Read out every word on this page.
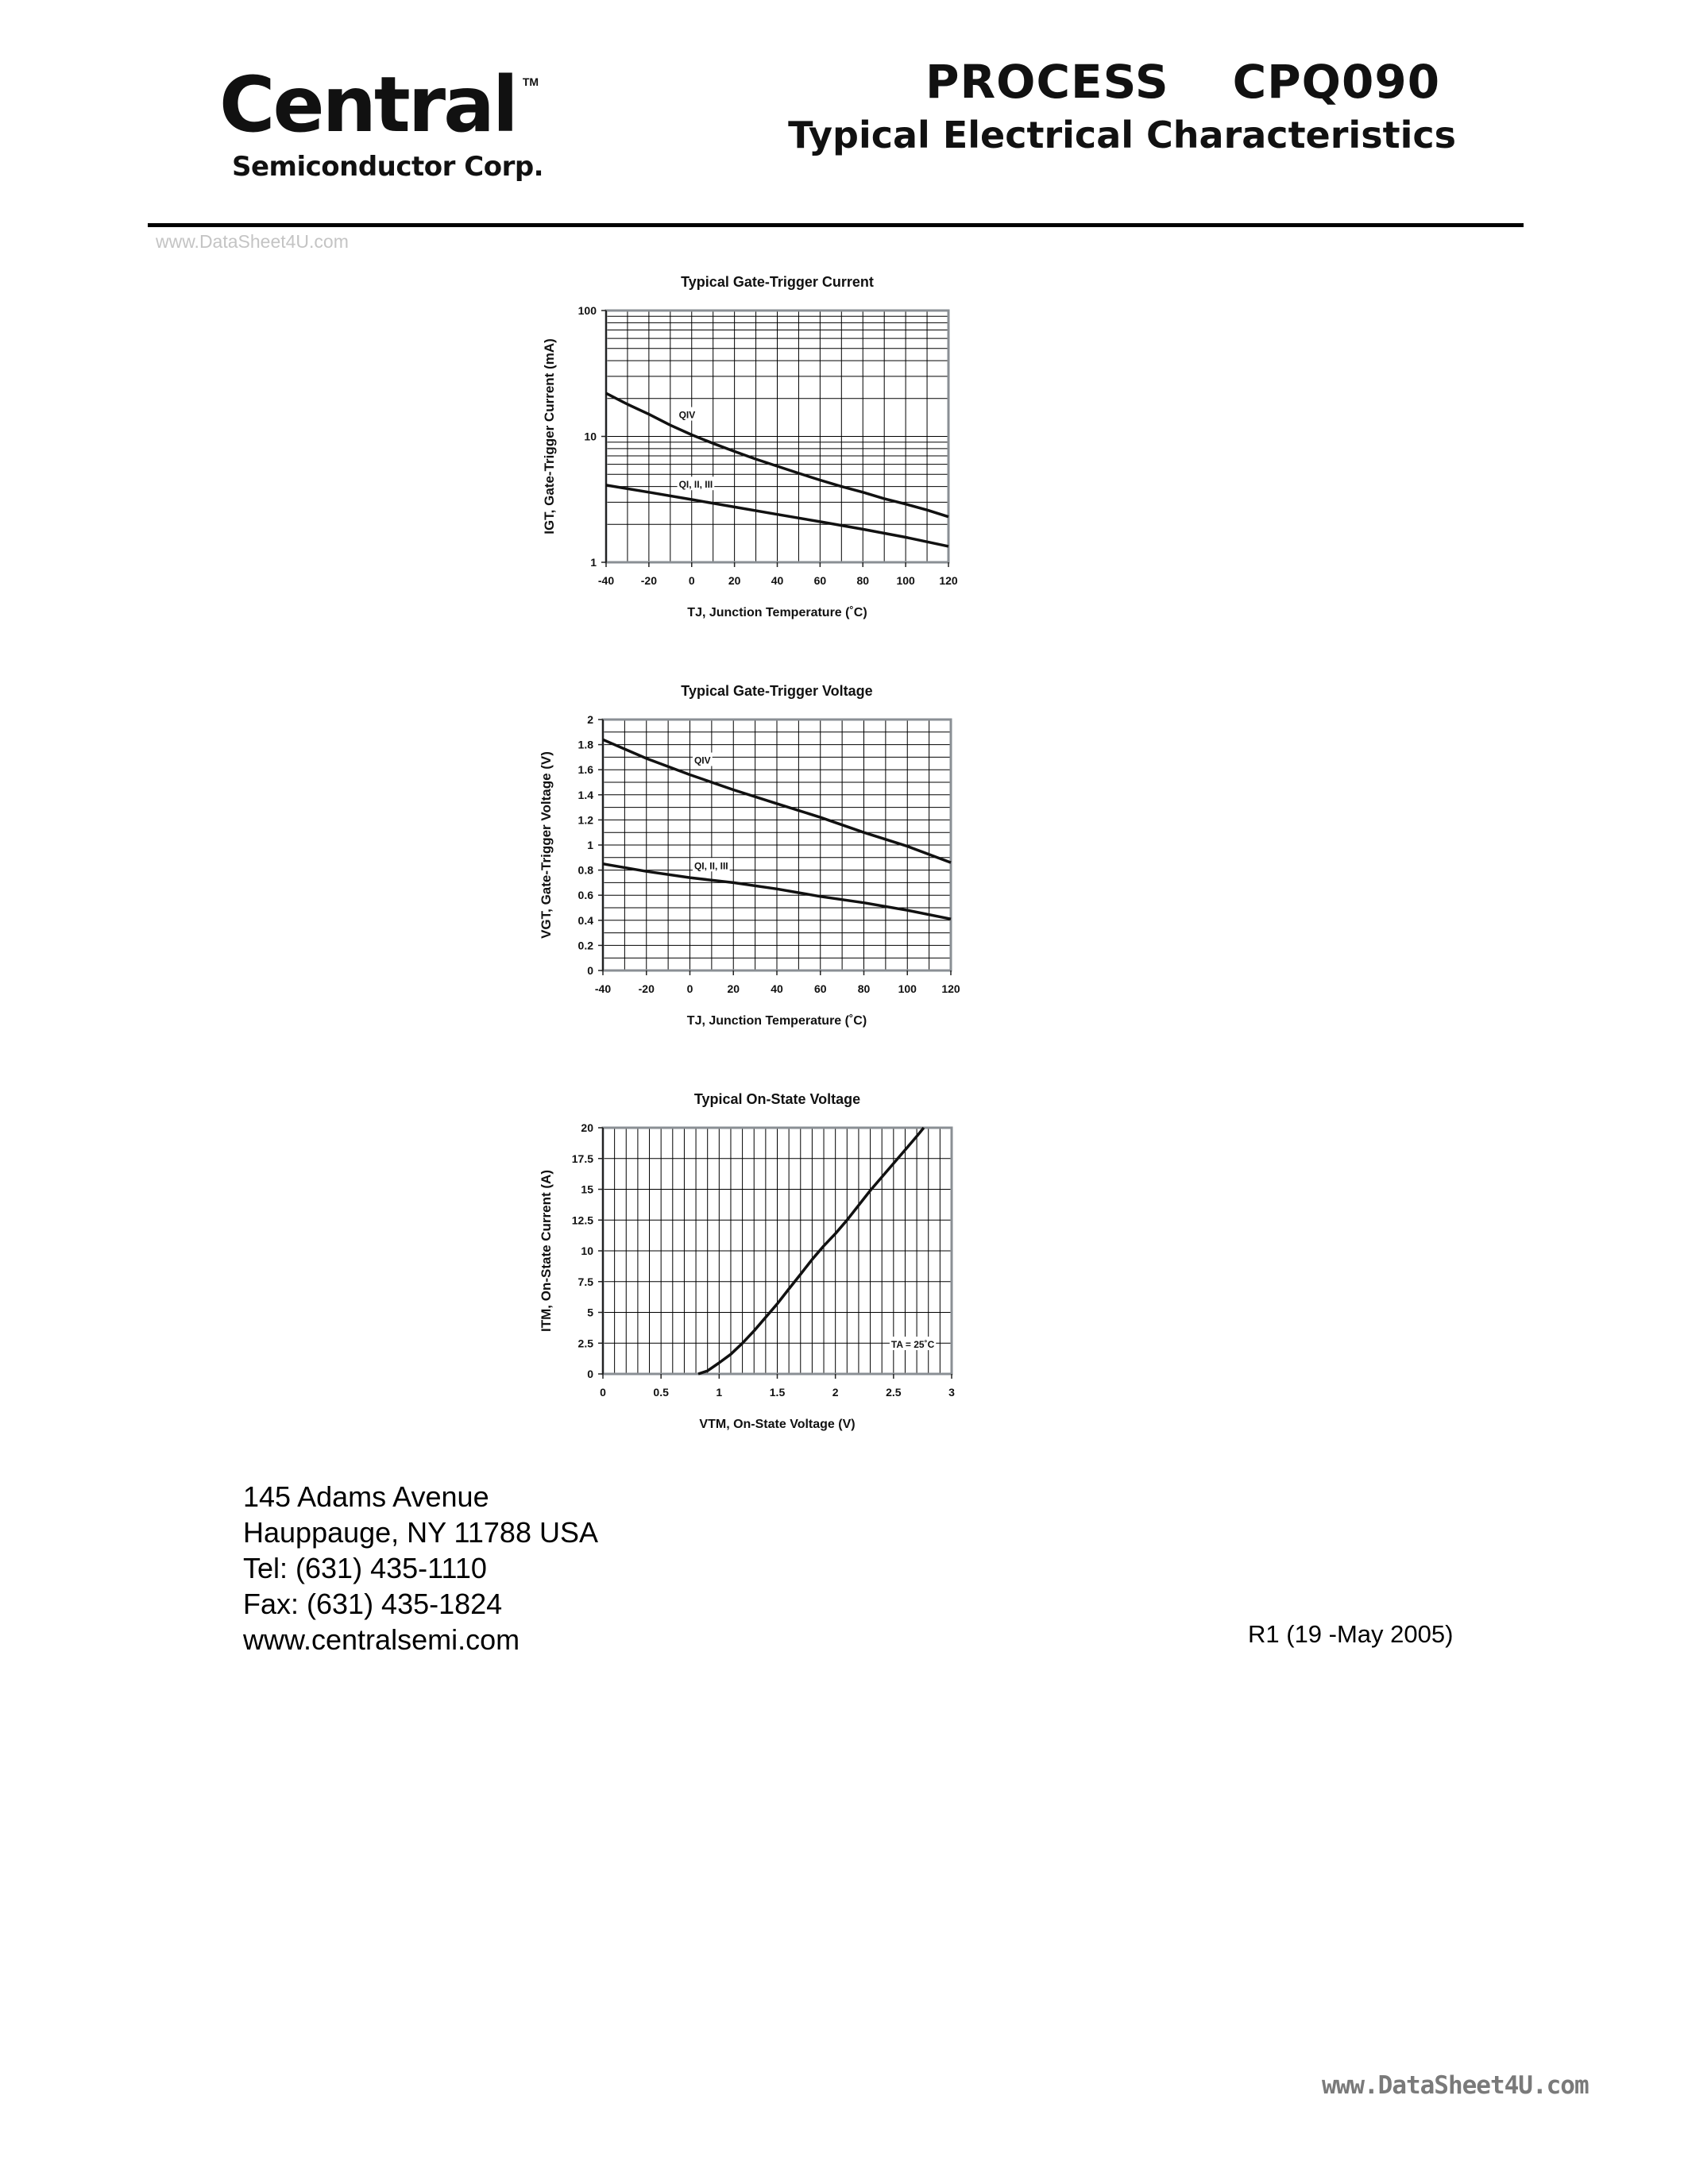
Central TM
Semiconductor Corp.
PROCESS CPQ090
Typical Electrical Characteristics
www.DataSheet4U.com
-40 -20	0	20	40	60	80 100 120
1
10
100
QIV
QI, II, III
Typical Gate-Trigger Current
TJ, Junction Temperature (˚C)
IGT, Gate-Trigger Current (mA)
-40 -20	0	20	40	60	80	100 120
0
0.2
0.4
0.6
0.8
1
1.2
1.4
1.6
1.8
2
QIV
QI, II, III
Typical Gate-Trigger Voltage
TJ, Junction Temperature (˚C)
VGT, Gate-Trigger Voltage (V)
0	0.5	1	1.5	2	2.5	3
0
2.5
5
7.5
10
12.5
15
17.5
20
TA = 25˚C
Typical On-State Voltage
VTM, On-State Voltage (V)
ITM, On-State Current (A)
145 Adams Avenue
Hauppauge, NY 11788 USA
Tel: (631) 435-1110
Fax: (631) 435-1824
www.centralsemi.com	R1 (19 -May 2005)
www.DataSheet4U.com
